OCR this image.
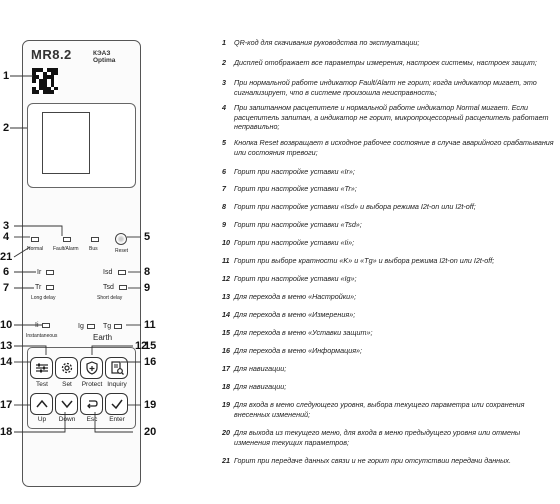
MR8.2	КЭАЗ Optima
Normal Fault/Alarm Bus	Reset
Ir	Isd
Tr
Long delay
Tsd
Short delay
Ii
Instantaneous
Ig	Tg
Earth
Test	Set	Protect Inquiry
Up	Down	Esc	Enter
1
2
3
4	5
6
7
8
9
10	11
12
13
14
15
16
17
18
19
20
21
1	QR-код для скачивания руководства по эксплуатации;
2	Дисплей отображает все параметры измерения, настроек системы, настроек защит;
3	При нормальной работе индикатор Fault/Alarm не горит; когда индикатор мигает, это сигнализирует, что в системе произошла неисправность;
4	При запитанном расцепителе и нормальной работе индикатор Normal мигает. Если расцепитель запитан, а индикатор не горит, микропроцессорный расцепитель работает неправильно;
5	Кнопка Reset возвращает в исходное рабочее состояние в случае аварийного срабатывания или состояния тревоги;
6	Горит при настройке уставки «Ir»;
7	Горит при настройке уставки «Tr»;
8	Горит при настройке уставки «Isd» и выбора режима I2t-on или I2t-off;
9	Горит при настройке уставки «Tsd»;
10 Горит при настройке уставки «Ii»;
11 Горит при выборе кратности «K» и «Tg» и выбора режима I2t-on или I2t-off;
12 Горит при настройке уставки «Ig»;
13 Для перехода в меню «Настройки»;
14 Для перехода в меню «Измерения»;
15 Для перехода в меню «Уставки защит»;
16 Для перехода в меню «Информация»;
17 Для навигации;
18 Для навигации;
19 Для входа в меню следующего уровня, выбора текущего параметра или сохранения внесенных изменений;
20 Для выхода из текущего меню, для входа в меню предыдущего уровня или отмены изменения текущих параметров;
21 Горит при передаче данных связи и не горит при отсутствии передачи данных.
